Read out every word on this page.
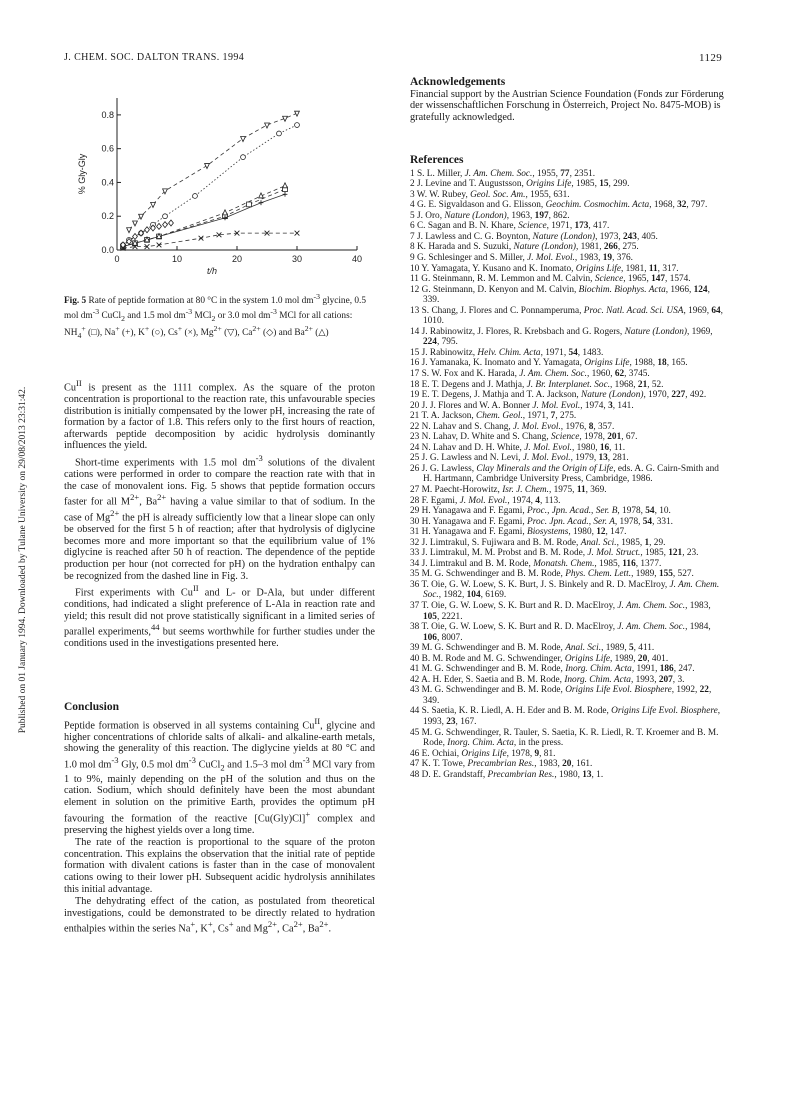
Published on 01 January 1994. Downloaded by Tulane University on 29/08/2013 23:31:42.
J. CHEM. SOC. DALTON TRANS. 1994	1129
0	10	20	30	40
0.0
0.2
0.4
0.6
0.8
t/h
% Gly-Gly
Fig. 5 Rate of peptide formation at 80 °C in the system 1.0 mol $dm^{-3}$ glycine, 0.5 mol $dm^{-3}$ CuCl$_2$ and 1.5 mol $dm^{-3}$ MCl$_2$ or 3.0 mol $dm^{-3}$ MCl for all cations: $NH_4^+$ (□), Na+ (+), K+ (○), Cs+ (×), $Mg^{2+}$ (▽), $Ca^{2+}$ (◇) and $Ba^{2+}$ (△)

$Cu^{II}$ is present as the 1111 complex. As the square of the proton concentration is proportional to the reaction rate, this unfavourable species distribution is initially compensated by the lower pH, increasing the rate of formation by a factor of 1.8. This refers only to the first hours of reaction, afterwards peptide decomposition by acidic hydrolysis dominantly influences the yield.

Short-time experiments with 1.5 mol $dm^{-3}$ solutions of the divalent cations were performed in order to compare the reaction rate with that in the case of monovalent ions. Fig. 5 shows that peptide formation occurs faster for all $M^{2+}$, $Ba^{2+}$ having a value similar to that of sodium. In the case of $Mg^{2+}$ the pH is already sufficiently low that a linear slope can only be observed for the first 5 h of reaction; after that hydrolysis of diglycine becomes more and more important so that the equilibrium value of 1% diglycine is reached after 50 h of reaction. The dependence of the peptide production per hour (not corrected for pH) on the hydration enthalpy can be recognized from the dashed line in Fig. 3.

First experiments with $Cu^{II}$ and L- or D-Ala, but under different conditions, had indicated a slight preference of L-Ala in reaction rate and yield; this result did not prove statistically significant in a limited series of parallel experiments,$^{44}$ but seems worthwhile for further studies under the conditions used in the investigations presented here.

Conclusion

Peptide formation is observed in all systems containing $Cu^{II}$, glycine and higher concentrations of chloride salts of alkali- and alkaline-earth metals, showing the generality of this reaction. The diglycine yields at 80 °C and 1.0 mol $dm^{-3}$ Gly, 0.5 mol $dm^{-3}$ CuCl$_2$ and 1.5–3 mol $dm^{-3}$ MCl vary from 1 to 9%, mainly depending on the pH of the solution and thus on the cation. Sodium, which should definitely have been the most abundant element in solution on the primitive Earth, provides the optimum pH favouring the formation of the reactive [Cu(Gly)Cl]+ complex and preserving the highest yields over a long time.

The rate of the reaction is proportional to the square of the proton concentration. This explains the observation that the initial rate of peptide formation with divalent cations is faster than in the case of monovalent cations owing to their lower pH. Subsequent acidic hydrolysis annihilates this initial advantage.

The dehydrating effect of the cation, as postulated from theoretical investigations, could be demonstrated to be directly related to hydration enthalpies within the series Na+, K+, Cs+ and $Mg^{2+}$, $Ca^{2+}$, $Ba^{2+}$.

Acknowledgements
Financial support by the Austrian Science Foundation (Fonds zur Förderung der wissenschaftlichen Forschung in Österreich, Project No. 8475-MOB) is gratefully acknowledged.
References

1 S. L. Miller, J. Am. Chem. Soc., 1955, 77, 2351.

2 J. Levine and T. Augustsson, Origins Life, 1985, 15, 299.

3 W. W. Rubey, Geol. Soc. Am., 1955, 631.

4 G. E. Sigvaldason and G. Elisson, Geochim. Cosmochim. Acta, 1968, 32, 797.

5 J. Oro, Nature (London), 1963, 197, 862.

6 C. Sagan and B. N. Khare, Science, 1971, 173, 417.

7 J. Lawless and C. G. Boynton, Nature (London), 1973, 243, 405.

8 K. Harada and S. Suzuki, Nature (London), 1981, 266, 275.

9 G. Schlesinger and S. Miller, J. Mol. Evol., 1983, 19, 376.

10 Y. Yamagata, Y. Kusano and K. Inomato, Origins Life, 1981, 11, 317.

11 G. Steinmann, R. M. Lemmon and M. Calvin, Science, 1965, 147, 1574.

12 G. Steinmann, D. Kenyon and M. Calvin, Biochim. Biophys. Acta, 1966, 124, 339.

13 S. Chang, J. Flores and C. Ponnamperuma, Proc. Natl. Acad. Sci. USA, 1969, 64, 1010.

14 J. Rabinowitz, J. Flores, R. Krebsbach and G. Rogers, Nature (London), 1969, 224, 795.

15 J. Rabinowitz, Helv. Chim. Acta, 1971, 54, 1483.

16 J. Yamanaka, K. Inomato and Y. Yamagata, Origins Life, 1988, 18, 165.

17 S. W. Fox and K. Harada, J. Am. Chem. Soc., 1960, 62, 3745.

18 E. T. Degens and J. Mathja, J. Br. Interplanet. Soc., 1968, 21, 52.

19 E. T. Degens, J. Mathja and T. A. Jackson, Nature (London), 1970, 227, 492.

20 J. J. Flores and W. A. Bonner J. Mol. Evol., 1974, 3, 141.

21 T. A. Jackson, Chem. Geol., 1971, 7, 275.

22 N. Lahav and S. Chang, J. Mol. Evol., 1976, 8, 357.

23 N. Lahav, D. White and S. Chang, Science, 1978, 201, 67.

24 N. Lahav and D. H. White, J. Mol. Evol., 1980, 16, 11.

25 J. G. Lawless and N. Levi, J. Mol. Evol., 1979, 13, 281.

26 J. G. Lawless, Clay Minerals and the Origin of Life, eds. A. G. Cairn-Smith and H. Hartmann, Cambridge University Press, Cambridge, 1986.

27 M. Paecht-Horowitz, Isr. J. Chem., 1975, 11, 369.

28 F. Egami, J. Mol. Evol., 1974, 4, 113.

29 H. Yanagawa and F. Egami, Proc., Jpn. Acad., Ser. B, 1978, 54, 10.

30 H. Yanagawa and F. Egami, Proc. Jpn. Acad., Ser. A, 1978, 54, 331.

31 H. Yanagawa and F. Egami, Biosystems, 1980, 12, 147.

32 J. Limtrakul, S. Fujiwara and B. M. Rode, Anal. Sci., 1985, 1, 29.

33 J. Limtrakul, M. M. Probst and B. M. Rode, J. Mol. Struct., 1985, 121, 23.

34 J. Limtrakul and B. M. Rode, Monatsh. Chem., 1985, 116, 1377.

35 M. G. Schwendinger and B. M. Rode, Phys. Chem. Lett., 1989, 155, 527.

36 T. Oie, G. W. Loew, S. K. Burt, J. S. Binkely and R. D. MacElroy, J. Am. Chem. Soc., 1982, 104, 6169.

37 T. Oie, G. W. Loew, S. K. Burt and R. D. MacElroy, J. Am. Chem. Soc., 1983, 105, 2221.

38 T. Oie, G. W. Loew, S. K. Burt and R. D. MacElroy, J. Am. Chem. Soc., 1984, 106, 8007.

39 M. G. Schwendinger and B. M. Rode, Anal. Sci., 1989, 5, 411.

40 B. M. Rode and M. G. Schwendinger, Origins Life, 1989, 20, 401.

41 M. G. Schwendinger and B. M. Rode, Inorg. Chim. Acta, 1991, 186, 247.

42 A. H. Eder, S. Saetia and B. M. Rode, Inorg. Chim. Acta, 1993, 207, 3.

43 M. G. Schwendinger and B. M. Rode, Origins Life Evol. Biosphere, 1992, 22, 349.

44 S. Saetia, K. R. Liedl, A. H. Eder and B. M. Rode, Origins Life Evol. Biosphere, 1993, 23, 167.

45 M. G. Schwendinger, R. Tauler, S. Saetia, K. R. Liedl, R. T. Kroemer and B. M. Rode, Inorg. Chim. Acta, in the press.

46 E. Ochiai, Origins Life, 1978, 9, 81.

47 K. T. Towe, Precambrian Res., 1983, 20, 161.

48 D. E. Grandstaff, Precambrian Res., 1980, 13, 1.
